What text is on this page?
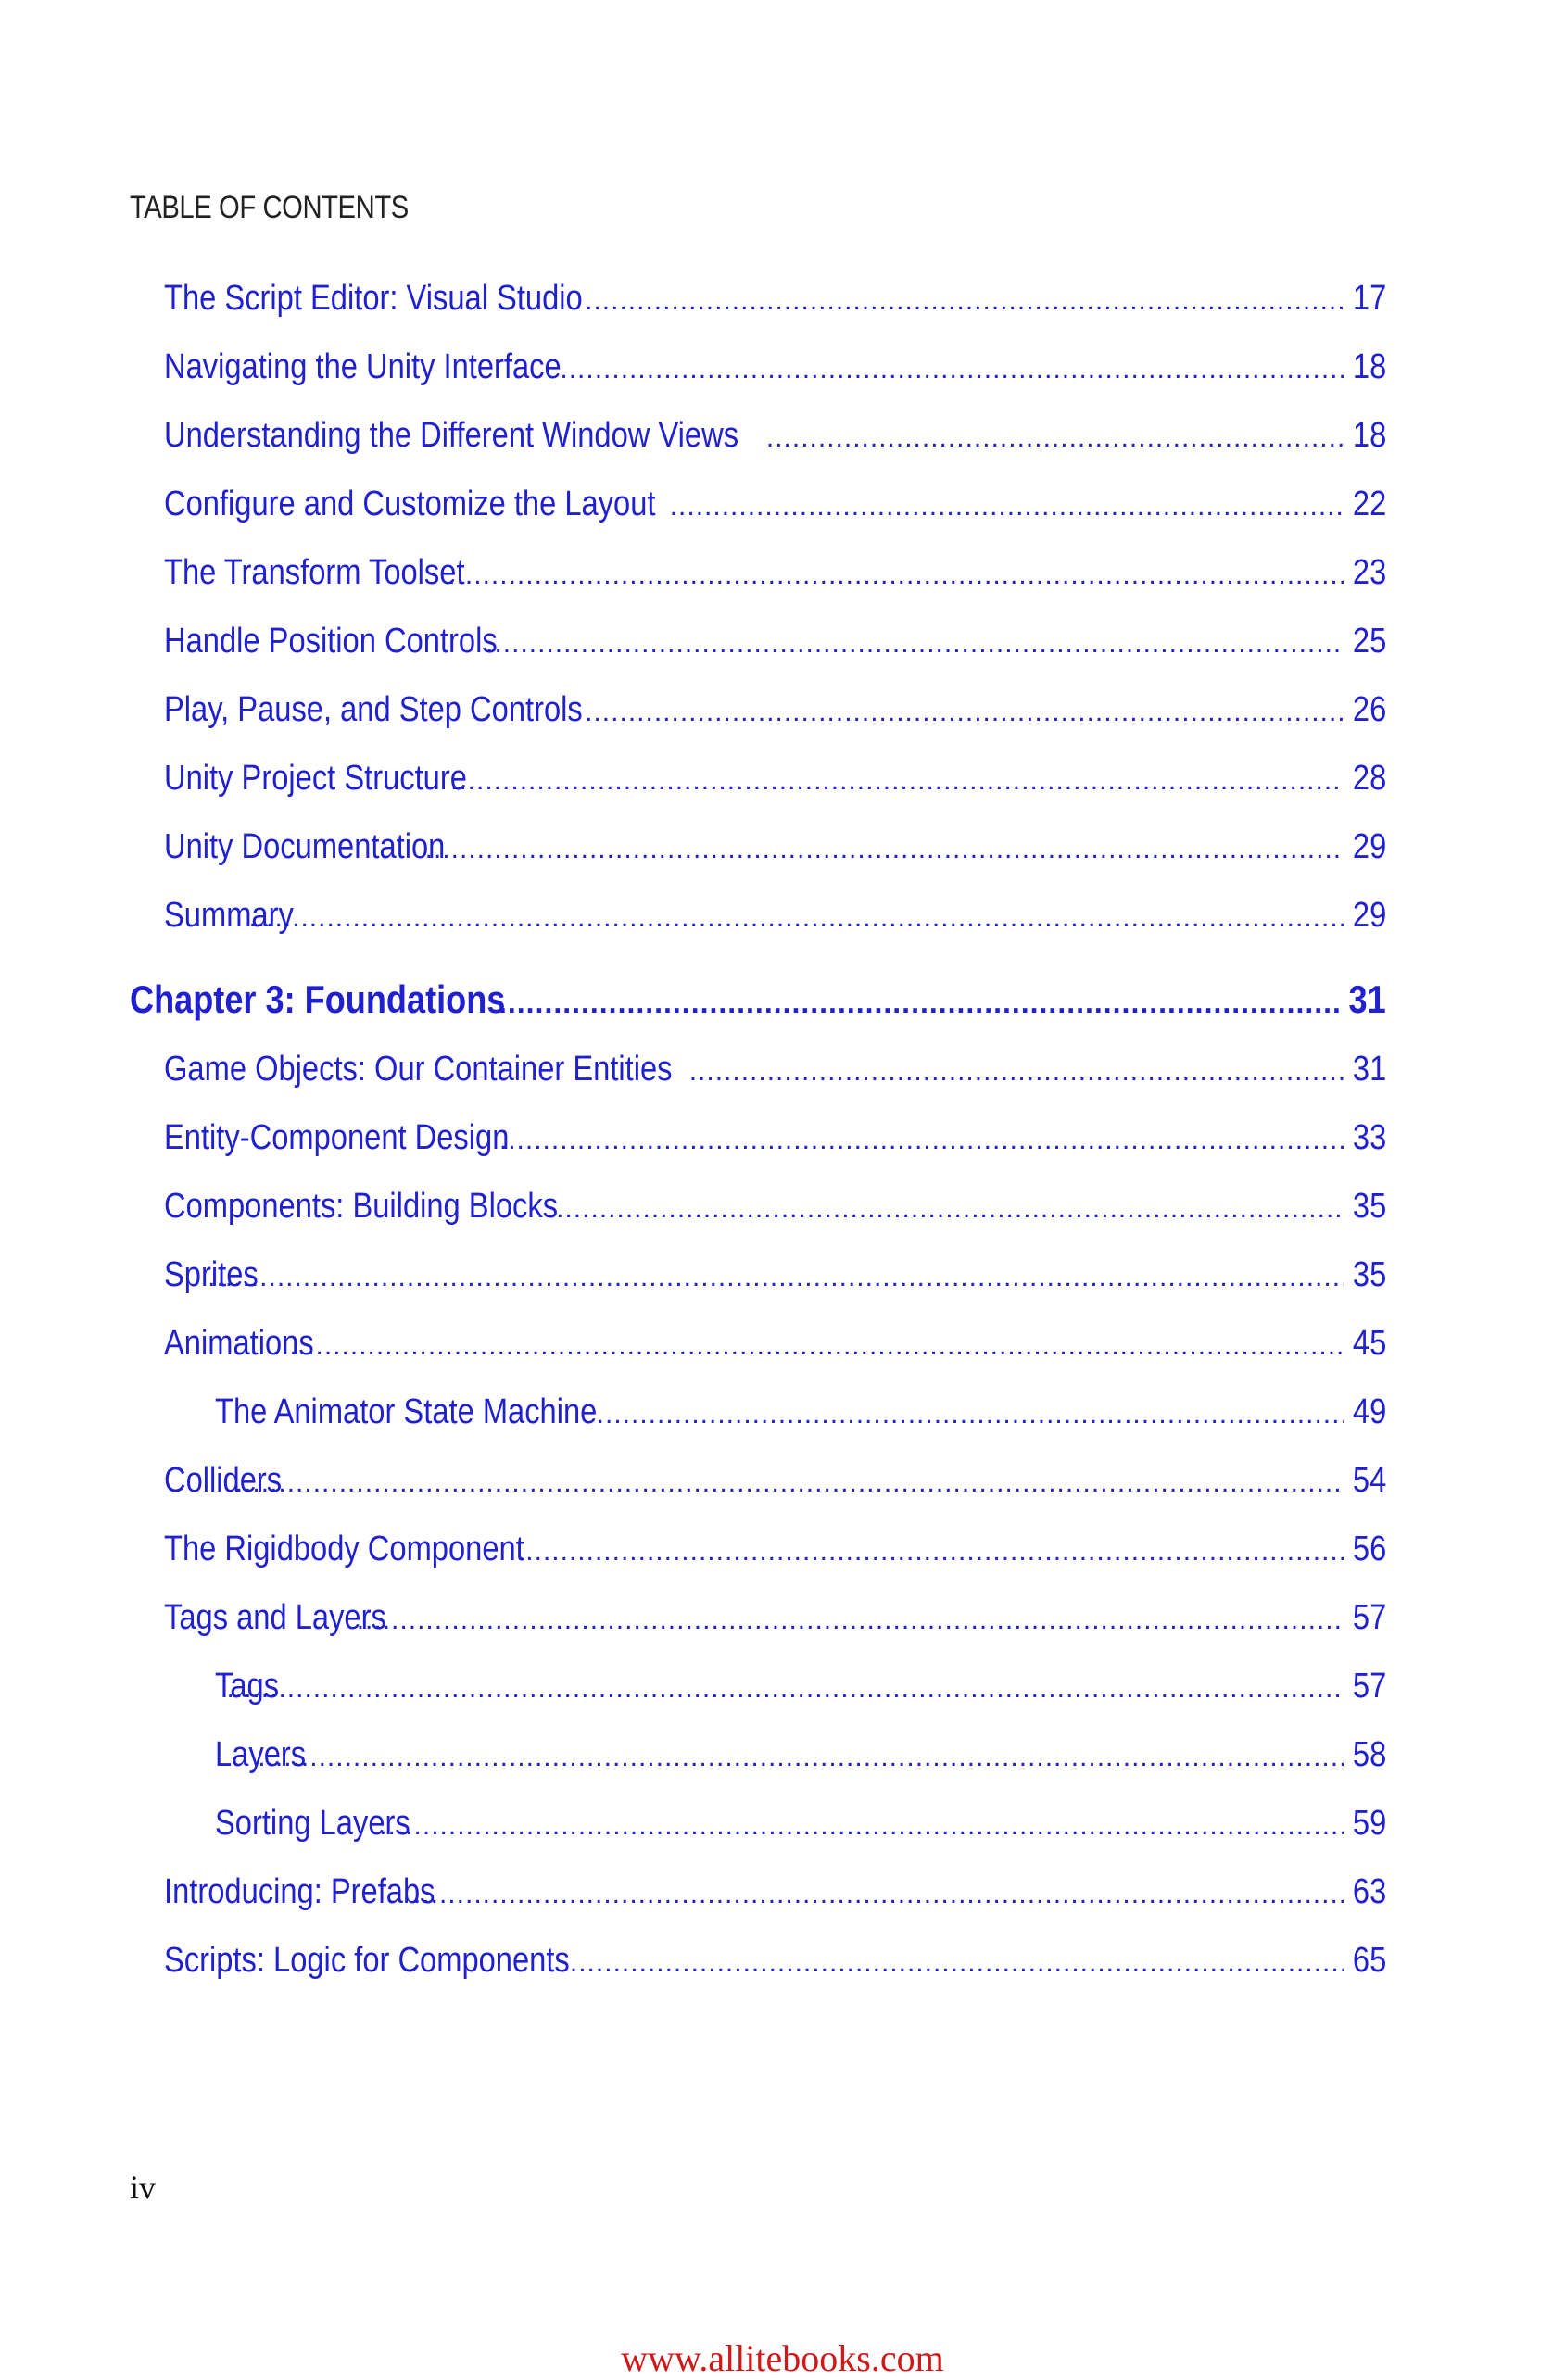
TABLE OF CONTENTS
The Script Editor: Visual Studio .....	17
Navigating the Unity Interface .....	18
Understanding the Different Window Views .....	18
Configure and Customize the Layout .....	22
The Transform Toolset .....	23
Handle Position Controls .....	25
Play, Pause, and Step Controls .....	26
Unity Project Structure .....	28
Unity Documentation .....	29
Summary .....	29
Chapter 3: Foundations .....	31
Game Objects: Our Container Entities .....	31
Entity-Component Design .....	33
Components: Building Blocks .....	35
Sprites .....	35
Animations .....	45
The Animator State Machine .....	49
Colliders .....	54
The Rigidbody Component .....	56
Tags and Layers .....	57
Tags .....	57
Layers .....	58
Sorting Layers .....	59
Introducing: Prefabs .....	63
Scripts: Logic for Components .....	65
iv
www.allitebooks.com
